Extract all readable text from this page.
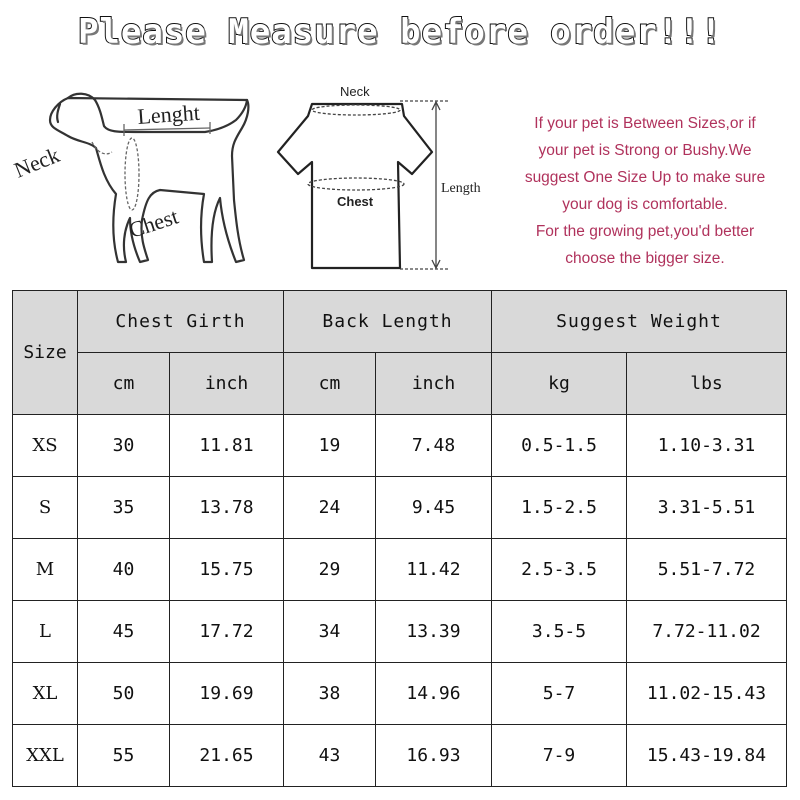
Please Measure before order!!!
Neck
Lenght
Chest
Neck
Chest
Length
If your pet is Between Sizes,or if
your pet is Strong or Bushy.We
suggest One Size Up to make sure
your dog is comfortable.
For the growing pet,you'd better
choose the bigger size.
Size	Chest Girth		Back Length		Suggest Weight	
	cm	inch	cm	inch	kg	lbs
XS	30	11.81	19	7.48	0.5-1.5	1.10-3.31
S	35	13.78	24	9.45	1.5-2.5	3.31-5.51
M	40	15.75	29	11.42	2.5-3.5	5.51-7.72
L	45	17.72	34	13.39	3.5-5	7.72-11.02
XL	50	19.69	38	14.96	5-7	11.02-15.43
XXL	55	21.65	43	16.93	7-9	15.43-19.84
